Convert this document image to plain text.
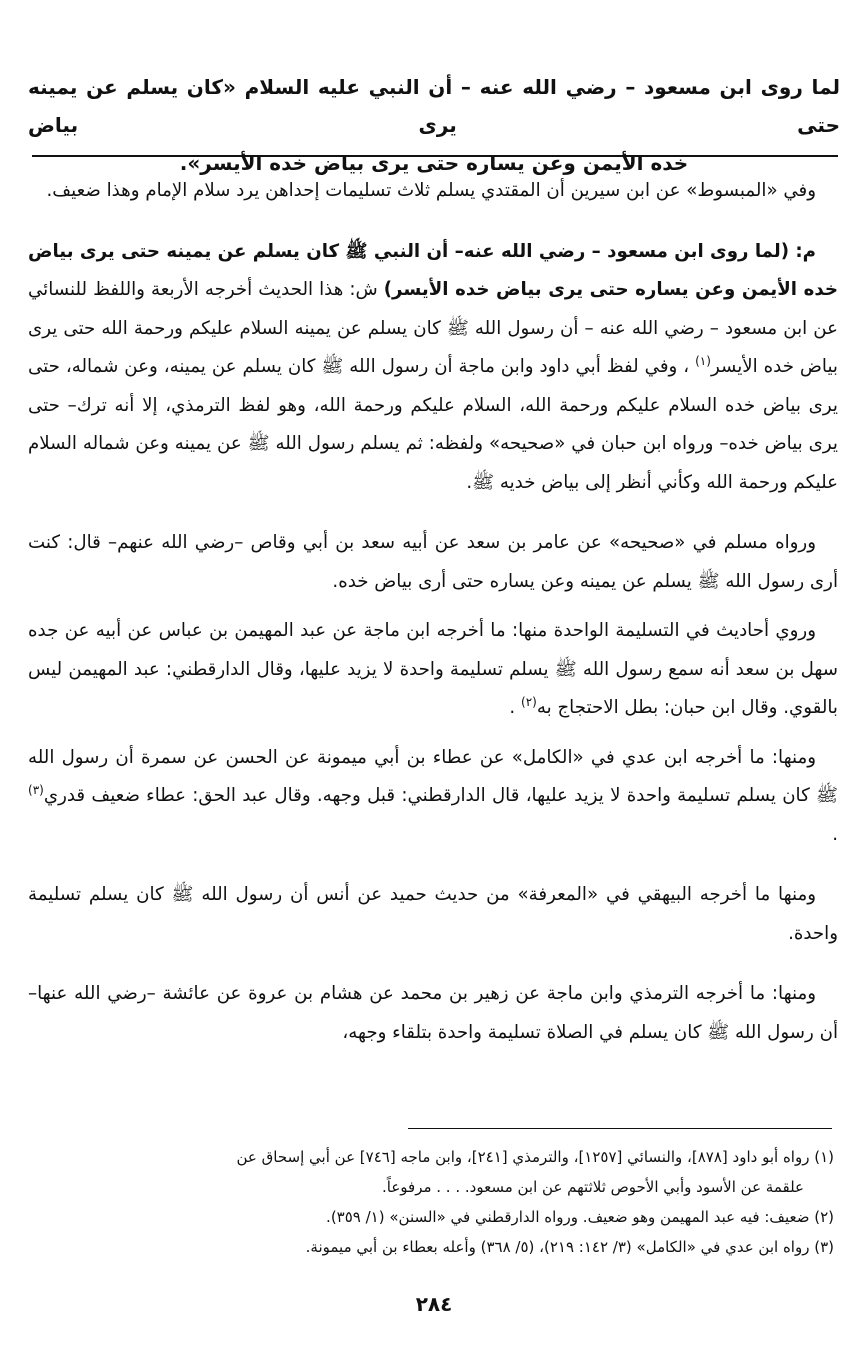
لما روى ابن مسعود – رضي الله عنه – أن النبي عليه السلام «كان يسلم عن يمينه حتى يرى بياض
خده الأيمن وعن يساره حتى يرى بياض خده الأيسر».

وفي «المبسوط» عن ابن سيرين أن المقتدي يسلم ثلاث تسليمات إحداهن يرد سلام الإمام وهذا ضعيف.

م: (لما روى ابن مسعود – رضي الله عنه– أن النبي ﷺ كان يسلم عن يمينه حتى يرى بياض خده الأيمن وعن يساره حتى يرى بياض خده الأيسر) ش: هذا الحديث أخرجه الأربعة واللفظ للنسائي عن ابن مسعود – رضي الله عنه – أن رسول الله ﷺ كان يسلم عن يمينه السلام عليكم ورحمة الله حتى يرى بياض خده الأيسر$^{(١)}$ ، وفي لفظ أبي داود وابن ماجة أن رسول الله ﷺ كان يسلم عن يمينه، وعن شماله، حتى يرى بياض خده السلام عليكم ورحمة الله، السلام عليكم ورحمة الله، وهو لفظ الترمذي، إلا أنه ترك– حتى يرى بياض خده– ورواه ابن حبان في «صحيحه» ولفظه: ثم يسلم رسول الله ﷺ عن يمينه وعن شماله السلام عليكم ورحمة الله وكأني أنظر إلى بياض خديه ﷺ.

ورواه مسلم في «صحيحه» عن عامر بن سعد عن أبيه سعد بن أبي وقاص –رضي الله عنهم– قال: كنت أرى رسول الله ﷺ يسلم عن يمينه وعن يساره حتى أرى بياض خده.

وروي أحاديث في التسليمة الواحدة منها: ما أخرجه ابن ماجة عن عبد المهيمن بن عباس عن أبيه عن جده سهل بن سعد أنه سمع رسول الله ﷺ يسلم تسليمة واحدة لا يزيد عليها، وقال الدارقطني: عبد المهيمن ليس بالقوي. وقال ابن حبان: بطل الاحتجاج به$^{(٢)}$ .

ومنها: ما أخرجه ابن عدي في «الكامل» عن عطاء بن أبي ميمونة عن الحسن عن سمرة أن رسول الله ﷺ كان يسلم تسليمة واحدة لا يزيد عليها، قال الدارقطني: قبل وجهه. وقال عبد الحق: عطاء ضعيف قدري$^{(٣)}$ .

ومنها ما أخرجه البيهقي في «المعرفة» من حديث حميد عن أنس أن رسول الله ﷺ كان يسلم تسليمة واحدة.

ومنها: ما أخرجه الترمذي وابن ماجة عن زهير بن محمد عن هشام بن عروة عن عائشة –رضي الله عنها– أن رسول الله ﷺ كان يسلم في الصلاة تسليمة واحدة بتلقاء وجهه،

(١) رواه أبو داود [٨٧٨]، والنسائي [١٢٥٧]، والترمذي [٢٤١]، وابن ماجه [٧٤٦] عن أبي إسحاق عن
علقمة عن الأسود وأبي الأحوص ثلاثتهم عن ابن مسعود. . . . مرفوعاً.

(٢) ضعيف: فيه عبد المهيمن وهو ضعيف. ورواه الدارقطني في «السنن» (١/ ٣٥٩).

(٣) رواه ابن عدي في «الكامل» (٣/ ١٤٢: ٢١٩)، (٥/ ٣٦٨) وأعله بعطاء بن أبي ميمونة.

٢٨٤
